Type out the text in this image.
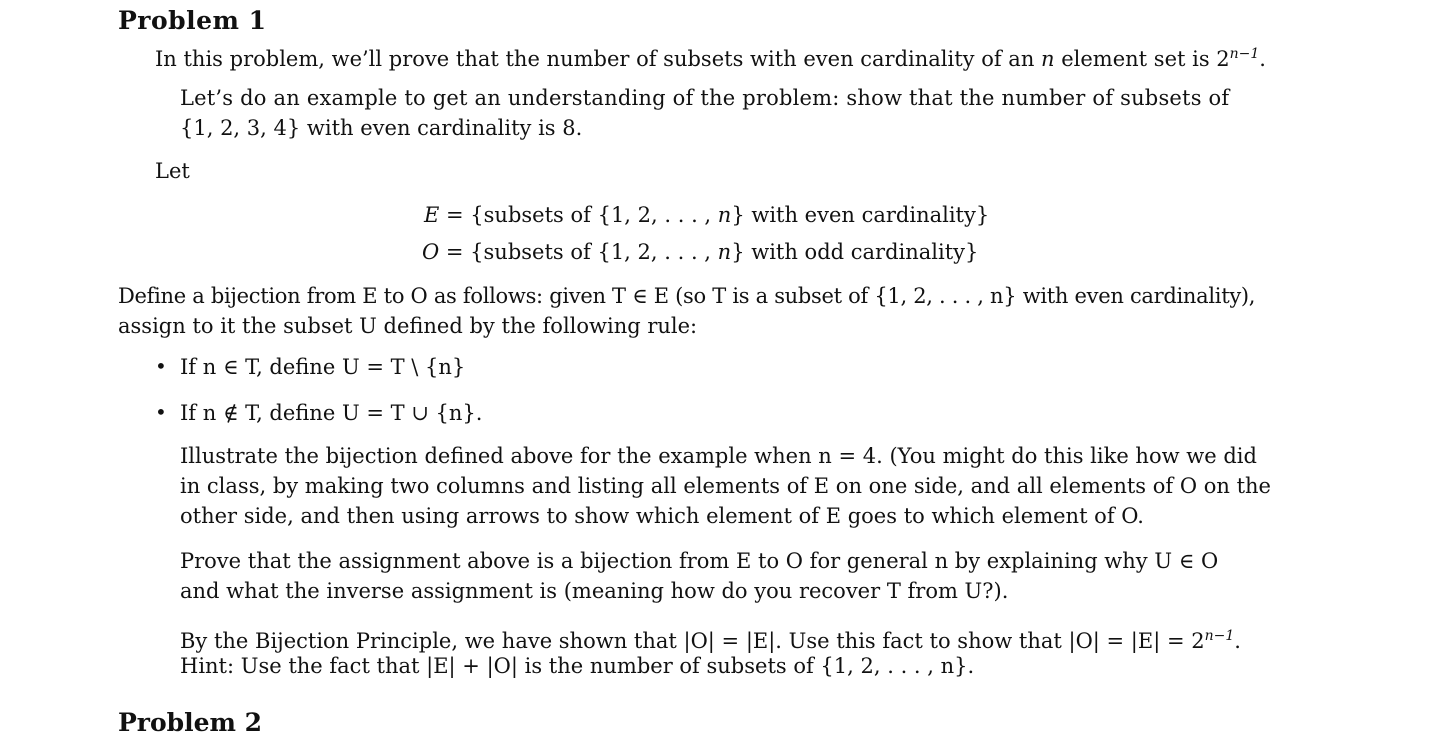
Problem 1
In this problem, we’ll prove that the number of subsets with even cardinality of an n element set is $2^{n-1}$.
Let’s do an example to get an understanding of the problem: show that the number of subsets of
{1, 2, 3, 4} with even cardinality is 8.
Let
E = {subsets of {1, 2, . . . , n} with even cardinality}
O = {subsets of {1, 2, . . . , n} with odd cardinality}
Define a bijection from E to O as follows: given T ∈ E (so T is a subset of {1, 2, . . . , n} with even cardinality),
assign to it the subset U defined by the following rule:
• If n ∈ T, define U = T \ {n}
• If n ∉ T, define U = T ∪ {n}.
Illustrate the bijection defined above for the example when n = 4. (You might do this like how we did
in class, by making two columns and listing all elements of E on one side, and all elements of O on the
other side, and then using arrows to show which element of E goes to which element of O.
Prove that the assignment above is a bijection from E to O for general n by explaining why U ∈ O
and what the inverse assignment is (meaning how do you recover T from U?).
By the Bijection Principle, we have shown that |O| = |E|. Use this fact to show that $|O| = |E| = 2^{n-1}$.
Hint: Use the fact that |E| + |O| is the number of subsets of {1, 2, . . . , n}.
Problem 2
